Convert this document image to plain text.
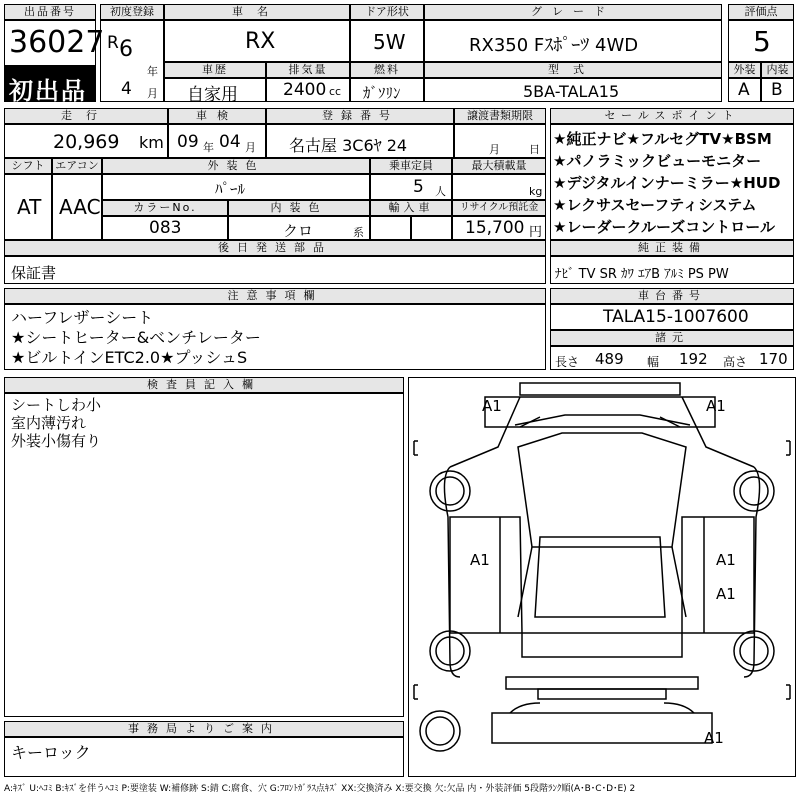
出品番号
36027
初出品
初度登録
R 6
年
4 月
車名
RX
ドア形状
5W
グレード
RX350 Fｽﾎﾟｰﾂ 4WD
評価点
5
車歴
自家用
排気量
2400 cc
燃料
ｶﾞｿﾘﾝ
型式
5BA-TALA15
外装
A
内装
B
走行
20,969 km
車検
09 年 04 月
登録番号
名古屋 3C6ﾔ 24
譲渡書類期限
月	日
シフト
AT
エアコン
AAC
外装色
ﾊﾟｰﾙ
乗車定員
5 人
最大積載量
kg
カラーNo.
083
内装色
クロ	系
輸入車	リサイクル預託金
15,700 円
後日発送部品
保証書
セールスポイント
★純正ナビ★フルセグTV★BSM
★パノラミックビューモニター
★デジタルインナーミラー★HUD
★レクサスセーフティシステム
★レーダークルーズコントロール
純正装備
ﾅﾋﾞ TV SR ｶﾜ ｴｱB ｱﾙﾐ PS PW
注意事項欄
ハーフレザーシート
★シートヒーター&ベンチレーター
★ビルトインETC2.0★プッシュS
車台番号
TALA15-1007600
諸元
長さ 489 幅 192 高さ 170
検査員記入欄
シートしわ小
室内薄汚れ
外装小傷有り
事務局よりご案内
キーロック
A1	A1
A1	A1
A1
A1
A:ｷｽﾞ U:ﾍｺﾐ B:ｷｽﾞを伴うﾍｺﾐ P:要塗装 W:補修跡 S:錆 C:腐食、穴 G:ﾌﾛﾝﾄｶﾞﾗｽ点ｷｽﾞ XX:交換済み X:要交換 欠:欠品 内・外装評価 5段階ﾗﾝｸ順(A･B･C･D･E) 2
